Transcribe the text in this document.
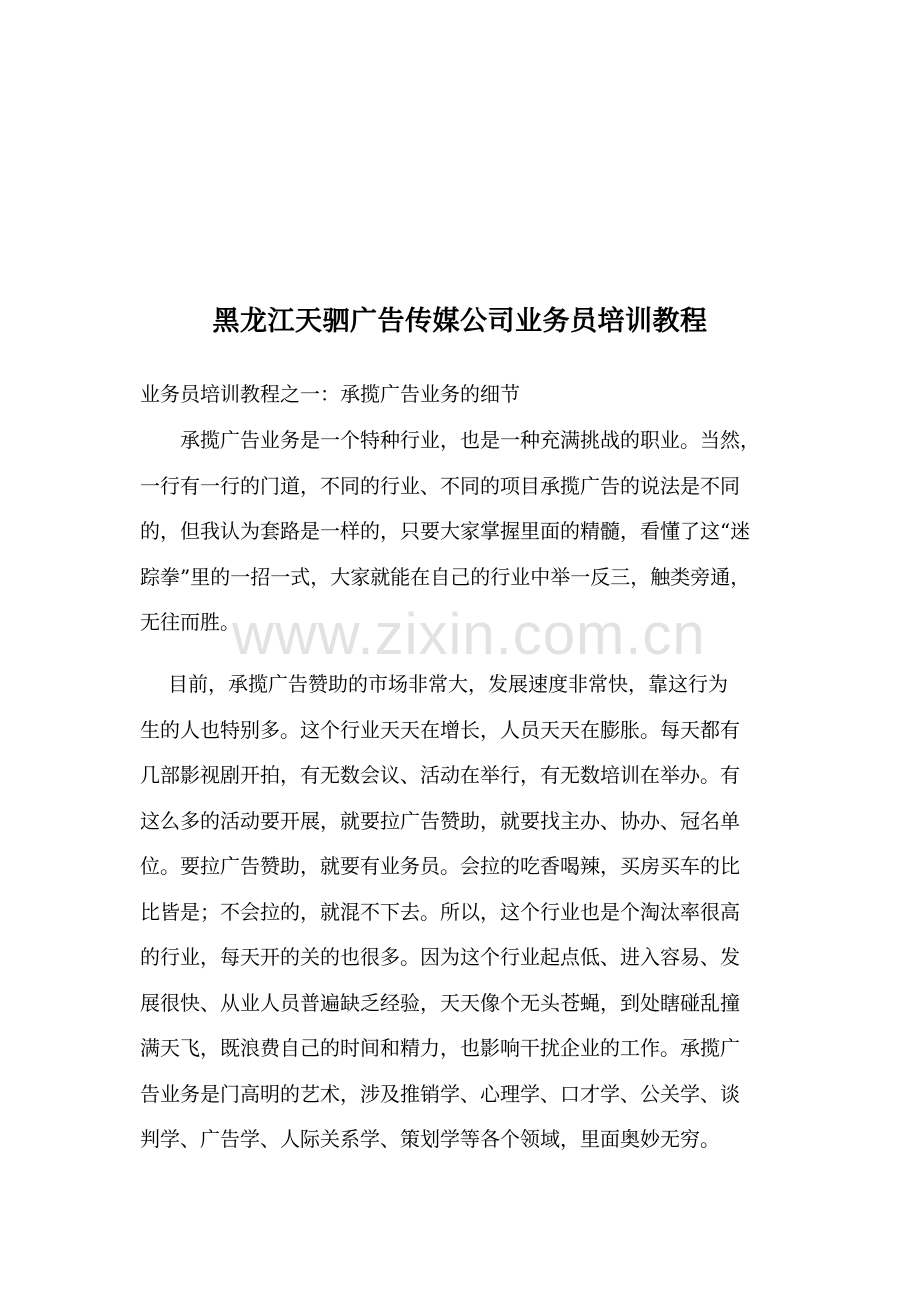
黑龙江天驷广告传媒公司业务员培训教程

业务员培训教程之一：承揽广告业务的细节

承揽广告业务是一个特种行业，也是一种充满挑战的职业。当然，
一行有一行的门道，不同的行业、不同的项目承揽广告的说法是不同
的，但我认为套路是一样的，只要大家掌握里面的精髓，看懂了这“迷
踪拳”里的一招一式，大家就能在自己的行业中举一反三，触类旁通，
无往而胜。
目前，承揽广告赞助的市场非常大，发展速度非常快，靠这行为
生的人也特别多。这个行业天天在增长，人员天天在膨胀。每天都有
几部影视剧开拍，有无数会议、活动在举行，有无数培训在举办。有
这么多的活动要开展，就要拉广告赞助，就要找主办、协办、冠名单
位。要拉广告赞助，就要有业务员。会拉的吃香喝辣，买房买车的比
比皆是；不会拉的，就混不下去。所以，这个行业也是个淘汰率很高
的行业，每天开的关的也很多。因为这个行业起点低、进入容易、发
展很快、从业人员普遍缺乏经验，天天像个无头苍蝇，到处瞎碰乱撞
满天飞，既浪费自己的时间和精力，也影响干扰企业的工作。承揽广
告业务是门高明的艺术，涉及推销学、心理学、口才学、公关学、谈
判学、广告学、人际关系学、策划学等各个领域，里面奥妙无穷。
www.zixin.com.cn
